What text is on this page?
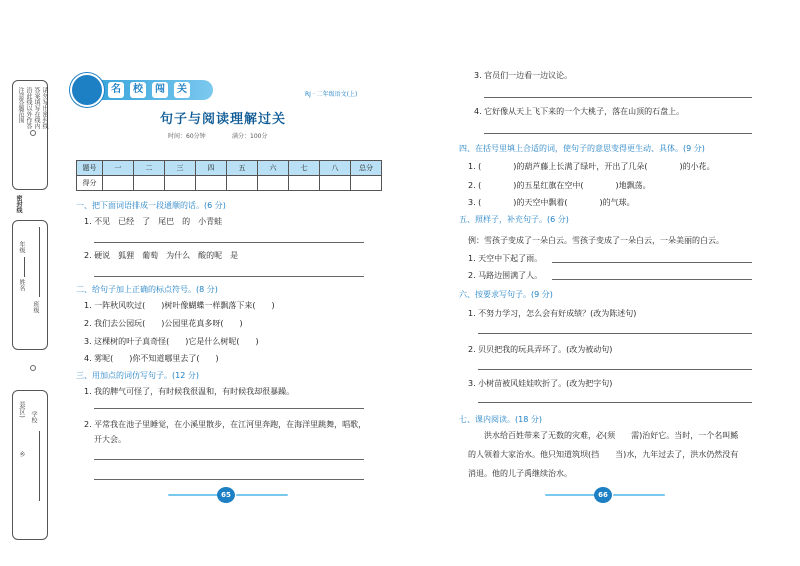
注意答题范围 沿此线以外作答 答案填写在线内 请勿写出密封线
密封线
年级
姓名
班级
县(区)
乡
学校
名	校	闯	关	RJ · 二年级语文(上)
句子与阅读理解过关
时间：60分钟	满分：100分
题号	一	二	三	四	五	六	七	八	总分
得分									
一、把下面词语排成一段通顺的话。(6 分)
1. 不见　已经　了　尾巴　的　小青蛙
2. 硬说　狐狸　葡萄　为什么　酸的呢　是
二、给句子加上正确的标点符号。(8 分)
1. 一阵秋风吹过(　　)树叶像蝴蝶一样飘落下来(　　)
2. 我们去公园玩(　　)公园里花真多呀(　　)
3. 这棵树的叶子真奇怪(　　)它是什么树呢(　　)
4. 雾呢(　　)你不知道哪里去了(　　)
三、用加点的词仿写句子。(12 分)
1. 我的脾气可怪了，有时候我很温和，有时候我却很暴躁。
2. 平常我在池子里睡觉，在小溪里散步，在江河里奔跑，在海洋里跳舞，唱歌，
开大会。
65
3. 官员们一边看一边议论。
4. 它好像从天上飞下来的一个大桃子，落在山顶的石盘上。
四、在括号里填上合适的词，使句子的意思变得更生动、具体。(9 分)
1. (　　　　)的葫芦藤上长满了绿叶，开出了几朵(　　　　)的小花。
2. (　　　　)的五星红旗在空中(　　　　)地飘荡。
3. (　　　　)的天空中飘着(　　　　)的气球。
五、照样子，补充句子。(6 分)
例：雪孩子变成了一朵白云。雪孩子变成了一朵白云，一朵美丽的白云。
1. 天空中下起了雨。
2. 马路边围满了人。
六、按要求写句子。(9 分)
1. 不努力学习，怎么会有好成绩？(改为陈述句)
2. 贝贝把我的玩具弄坏了。(改为被动句)
3. 小树苗被风娃娃吹折了。(改为把字句)
七、课内阅读。(18 分)
洪水给百姓带来了无数的灾难，必(须　　需)治好它。当时，一个名叫鲧
的人领着大家治水。他只知道筑坝(挡　　当)水，九年过去了，洪水仍然没有
消退。他的儿子禹继续治水。
66
